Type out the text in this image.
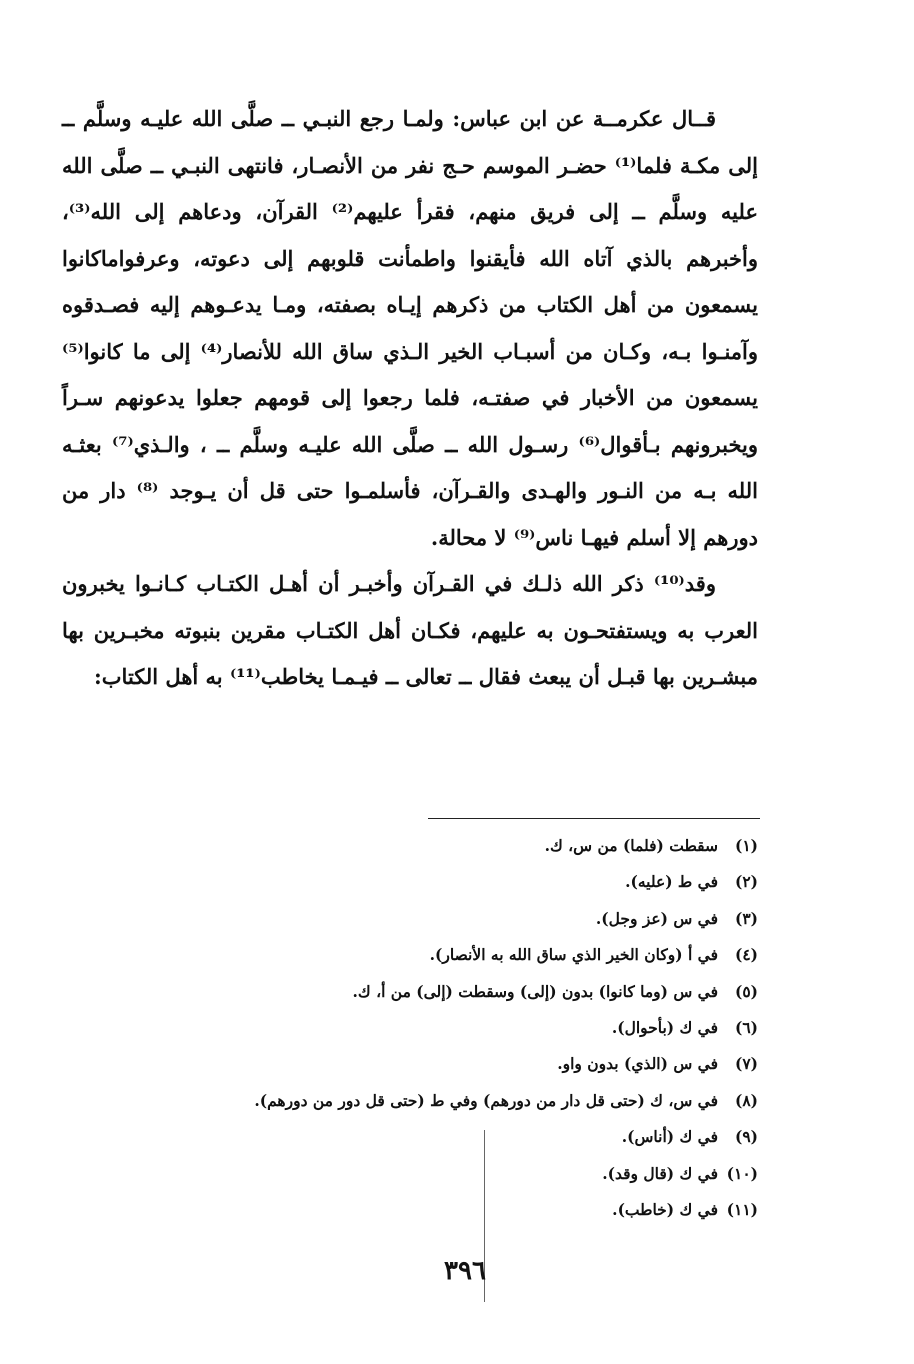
قــال عكرمــة عن ابن عباس: ولمـا رجع النبـي ــ صلَّى الله عليـه وسلَّم ــ إلى مكـة فلما⁽¹⁾ حضـر الموسم حـج نفر من الأنصـار، فانتهى النبـي ــ صلَّى الله عليه وسلَّم ــ إلى فريق منهم، فقرأ عليهم⁽²⁾ القرآن، ودعاهم إلى الله⁽³⁾، وأخبرهم بالذي آتاه الله فأيقنوا واطمأنت قلوبهم إلى دعوته، وعرفواماكانوا يسمعون من أهل الكتاب من ذكرهم إيـاه بصفته، ومـا يدعـوهم إليه فصـدقوه وآمنـوا بـه، وكـان من أسبـاب الخير الـذي ساق الله للأنصار⁽⁴⁾ إلى ما كانوا⁽⁵⁾ يسمعون من الأخبار في صفتـه، فلما رجعوا إلى قومهم جعلوا يدعونهم سـراً ويخبرونهم بـأقوال⁽⁶⁾ رسـول الله ــ صلَّى الله عليـه وسلَّم ــ ، والـذي⁽⁷⁾ بعثـه الله بـه من النـور والهـدى والقـرآن، فأسلمـوا حتى قل أن يـوجد ⁽⁸⁾ دار من دورهم إلا أسلم فيهـا ناس⁽⁹⁾ لا محالة.

وقد⁽¹⁰⁾ ذكر الله ذلـك في القـرآن وأخبـر أن أهـل الكتـاب كـانـوا يخبرون العرب به ويستفتحـون به عليهم، فكـان أهل الكتـاب مقرين بنبوته مخبـرين بها مبشـرين بها قبـل أن يبعث فقال ــ تعالى ــ فيـمـا يخاطب⁽¹¹⁾ به أهل الكتاب:

(١)
سقطت (فلما) من س، ك.
(٢)
في ط (عليه).
(٣)
في س (عز وجل).
(٤)
في أ (وكان الخير الذي ساق الله به الأنصار).
(٥)
في س (وما كانوا) بدون (إلى) وسقطت (إلى) من أ، ك.
(٦)
في ك (بأحوال).
(٧)
في س (الذي) بدون واو.
(٨)
في س، ك (حتى قل دار من دورهم) وفي ط (حتى قل دور من دورهم).
(٩)
في ك (أناس).
(١٠)
في ك (قال وقد).
(١١)
في ك (خاطب).
٣٩٦
